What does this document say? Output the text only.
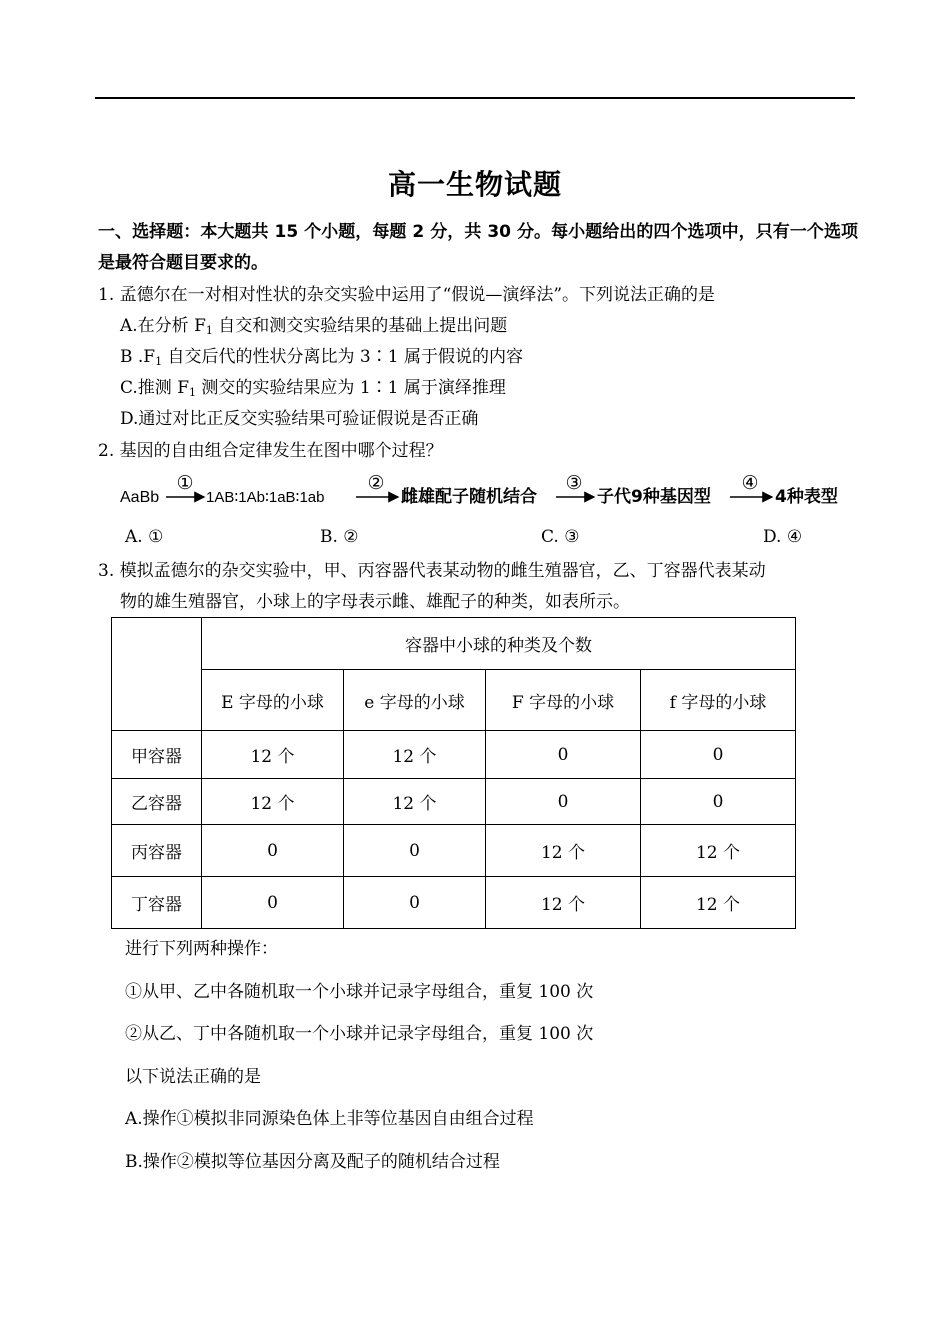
高一生物试题
一、选择题：本大题共 15 个小题，每题 2 分，共 30 分。每小题给出的四个选项中，只有一个选项是最符合题目要求的。
1. 孟德尔在一对相对性状的杂交实验中运用了“假说—演绎法”。下列说法正确的是
A.在分析 $F_1$ 自交和测交实验结果的基础上提出问题
B $.F_1$ 自交后代的性状分离比为 3∶1 属于假说的内容
C.推测 $F_1$ 测交的实验结果应为 1∶1 属于演绎推理
D.通过对比正反交实验结果可验证假说是否正确
2. 基因的自由组合定律发生在图中哪个过程？
AaBb
①
1AB∶1Ab∶1aB∶1ab
②
雌雄配子随机结合
③
子代9种基因型
④
4种表型
A. ①	B. ②	C. ③	D. ④
3. 模拟孟德尔的杂交实验中，甲、丙容器代表某动物的雌生殖器官，乙、丁容器代表某动
物的雄生殖器官，小球上的字母表示雌、雄配子的种类，如表所示。
	容器中小球的种类及个数			
	E 字母的小球	e 字母的小球	F 字母的小球	f 字母的小球
甲容器	12 个	12 个	0	0
乙容器	12 个	12 个	0	0
丙容器	0	0	12 个	12 个
丁容器	0	0	12 个	12 个
进行下列两种操作：
①从甲、乙中各随机取一个小球并记录字母组合，重复 100 次
②从乙、丁中各随机取一个小球并记录字母组合，重复 100 次
以下说法正确的是
A.操作①模拟非同源染色体上非等位基因自由组合过程
B.操作②模拟等位基因分离及配子的随机结合过程
